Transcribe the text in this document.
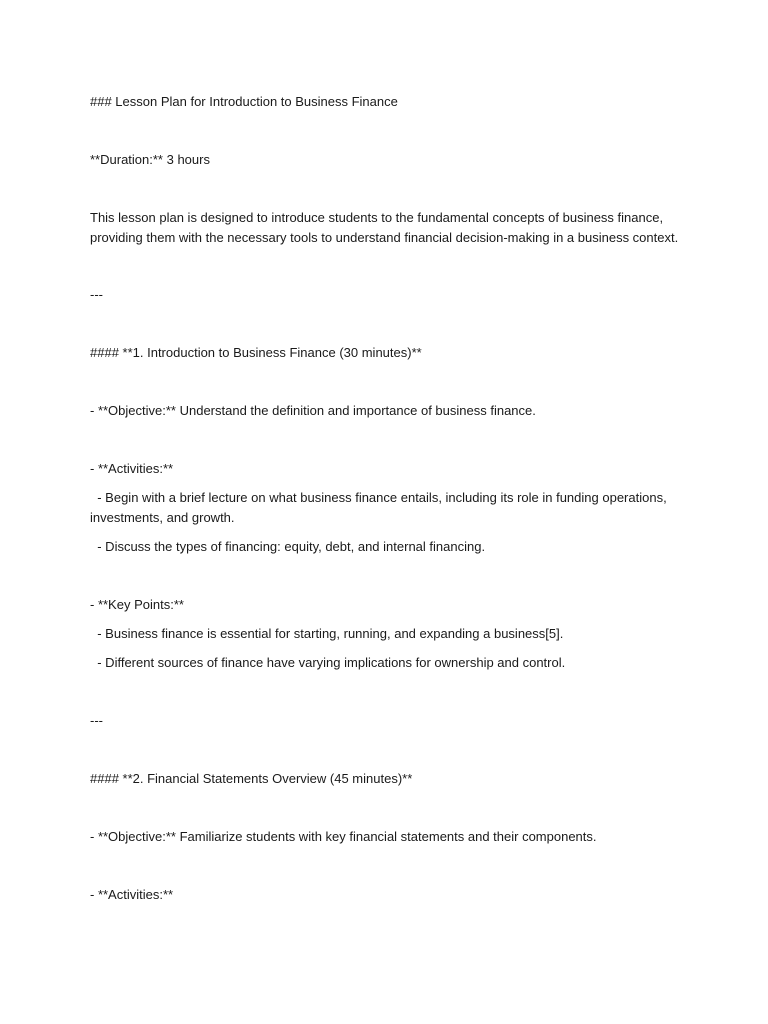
### Lesson Plan for Introduction to Business Finance
**Duration:** 3 hours
This lesson plan is designed to introduce students to the fundamental concepts of business finance, providing them with the necessary tools to understand financial decision-making in a business context.
---
#### **1. Introduction to Business Finance (30 minutes)**
- **Objective:** Understand the definition and importance of business finance.
- **Activities:**
- Begin with a brief lecture on what business finance entails, including its role in funding operations, investments, and growth.
- Discuss the types of financing: equity, debt, and internal financing.
- **Key Points:**
- Business finance is essential for starting, running, and expanding a business[5].
- Different sources of finance have varying implications for ownership and control.
---
#### **2. Financial Statements Overview (45 minutes)**
- **Objective:** Familiarize students with key financial statements and their components.
- **Activities:**
